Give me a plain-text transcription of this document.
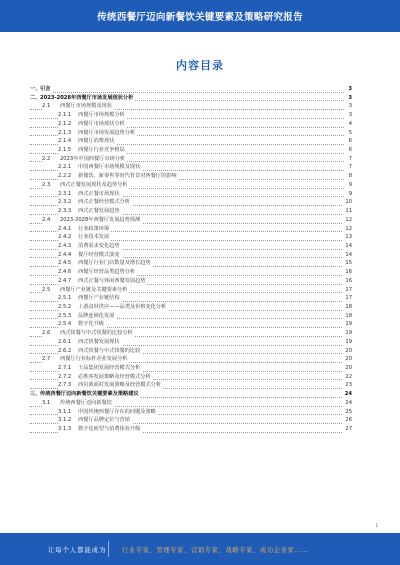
传统西餐厅迈向新餐饮关键要素及策略研究报告
内容目录
一、引言	3
二、2023-2028年西餐厅市场发展现状分析	3
2.1 西餐厅市场规模及现状	3
2.1.1 西餐厅市场规模分析	3
2.1.2 西餐厅市场现状分析	4
2.1.3 西餐厅市场发展趋势分析	5
2.1.4 西餐厅消费现状	6
2.1.5 西餐厅行业竞争格局	6
2.2 2023年中国西餐厅市场分析	7
2.2.1 中国西餐厅市场规模及现状	7
2.2.2 新餐饮、新零售等时代背景对西餐厅的影响	8
2.3 西式正餐发展现状及趋势分析	9
2.3.1 西式正餐市场现状	9
2.3.2 西式正餐经营模式分析	10
2.3.3 西式正餐发展趋势	11
2.4 2023-2028年西餐厅发展趋势预测	12
2.4.1 行业政策环境	12
2.4.2 行业技术发展	13
2.4.3 消费需求变化趋势	14
2.4.4 餐厅经营模式演变	14
2.4.5 西餐厅行业门店数量及增长趋势	15
2.4.6 西餐厅经营品类趋势分析	16
2.4.7 西式正餐与休闲西餐发展趋势	16
2.5 西餐厅产业链及关键要素分析	17
2.5.1 西餐厅产业链结构	17
2.5.2 上游食材供应——品类及价格变化分析	18
2.5.3 品牌连锁化发展	18
2.5.4 数字化升级	19
2.6 西式快餐与中式快餐的比较分析	19
2.6.1 西式快餐发展现状	19
2.6.2 西式快餐与中式快餐的比较	20
2.7 西餐厅行业标杆企业发展分析	20
2.7.1 王品集团发展经营模式分析	20
2.7.2 必胜客发展策略及经营模式分析	22
2.7.3 西贝莜面村发展策略及经营模式分析	23
三、传统西餐厅迈向新餐饮关键要素及策略建议	24
3.1 传统西餐厅迈向新餐饮	24
3.1.1 中国传统西餐厅存在的问题及策略	25
3.1.2 西餐厅品牌定位与营销	26
3.1.3 数字化转型与消费体验升级	27
1
让每个人都能成为 行业专家、管理专家、营销专家、战略专家、成功企业家……
